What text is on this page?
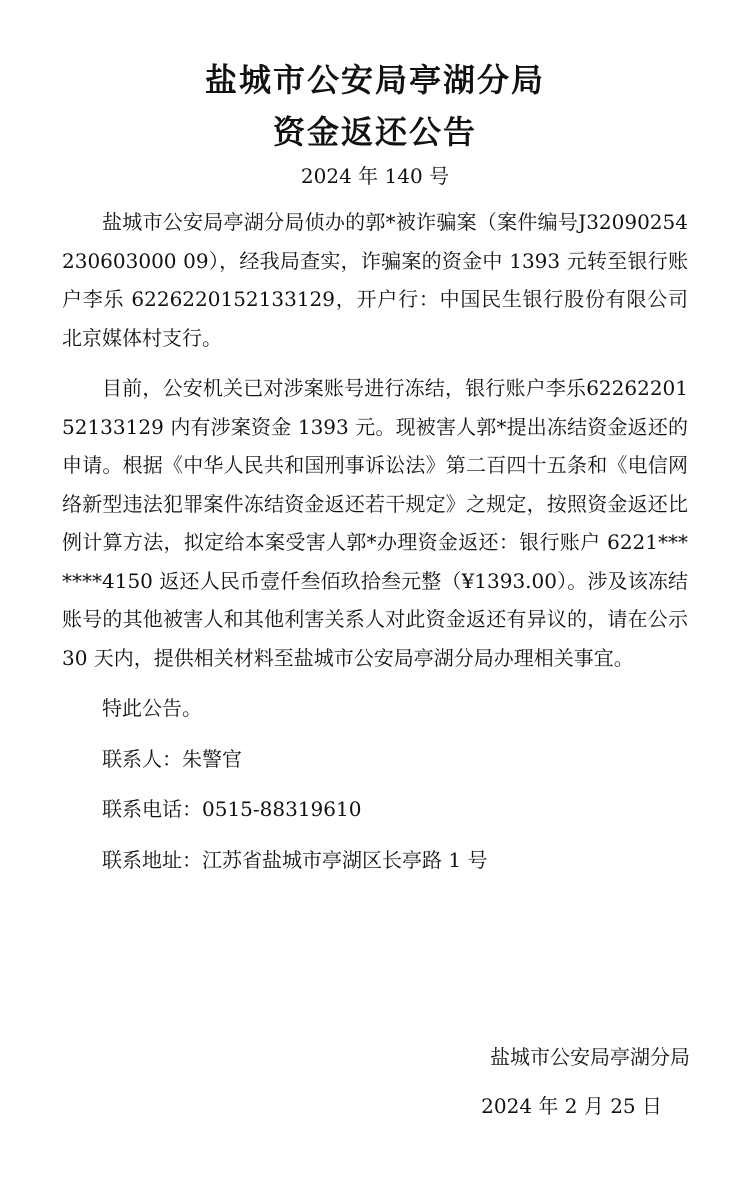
盐城市公安局亭湖分局
资金返还公告
2024 年 140 号

盐城市公安局亭湖分局侦办的郭*被诈骗案（案件编号J32090254230603000 09），经我局查实，诈骗案的资金中 1393 元转至银行账户李乐 6226220152133129，开户行：中国民生银行股份有限公司北京媒体村支行。

目前，公安机关已对涉案账号进行冻结，银行账户李乐6226220152133129 内有涉案资金 1393 元。现被害人郭*提出冻结资金返还的申请。根据《中华人民共和国刑事诉讼法》第二百四十五条和《电信网络新型违法犯罪案件冻结资金返还若干规定》之规定，按照资金返还比例计算方法，拟定给本案受害人郭*办理资金返还：银行账户 6221*******4150 返还人民币壹仟叁佰玖拾叁元整（¥1393.00）。涉及该冻结账号的其他被害人和其他利害关系人对此资金返还有异议的，请在公示 30 天内，提供相关材料至盐城市公安局亭湖分局办理相关事宜。

特此公告。

联系人：朱警官

联系电话：0515-88319610

联系地址：江苏省盐城市亭湖区长亭路 1 号

盐城市公安局亭湖分局
2024 年 2 月 25 日
